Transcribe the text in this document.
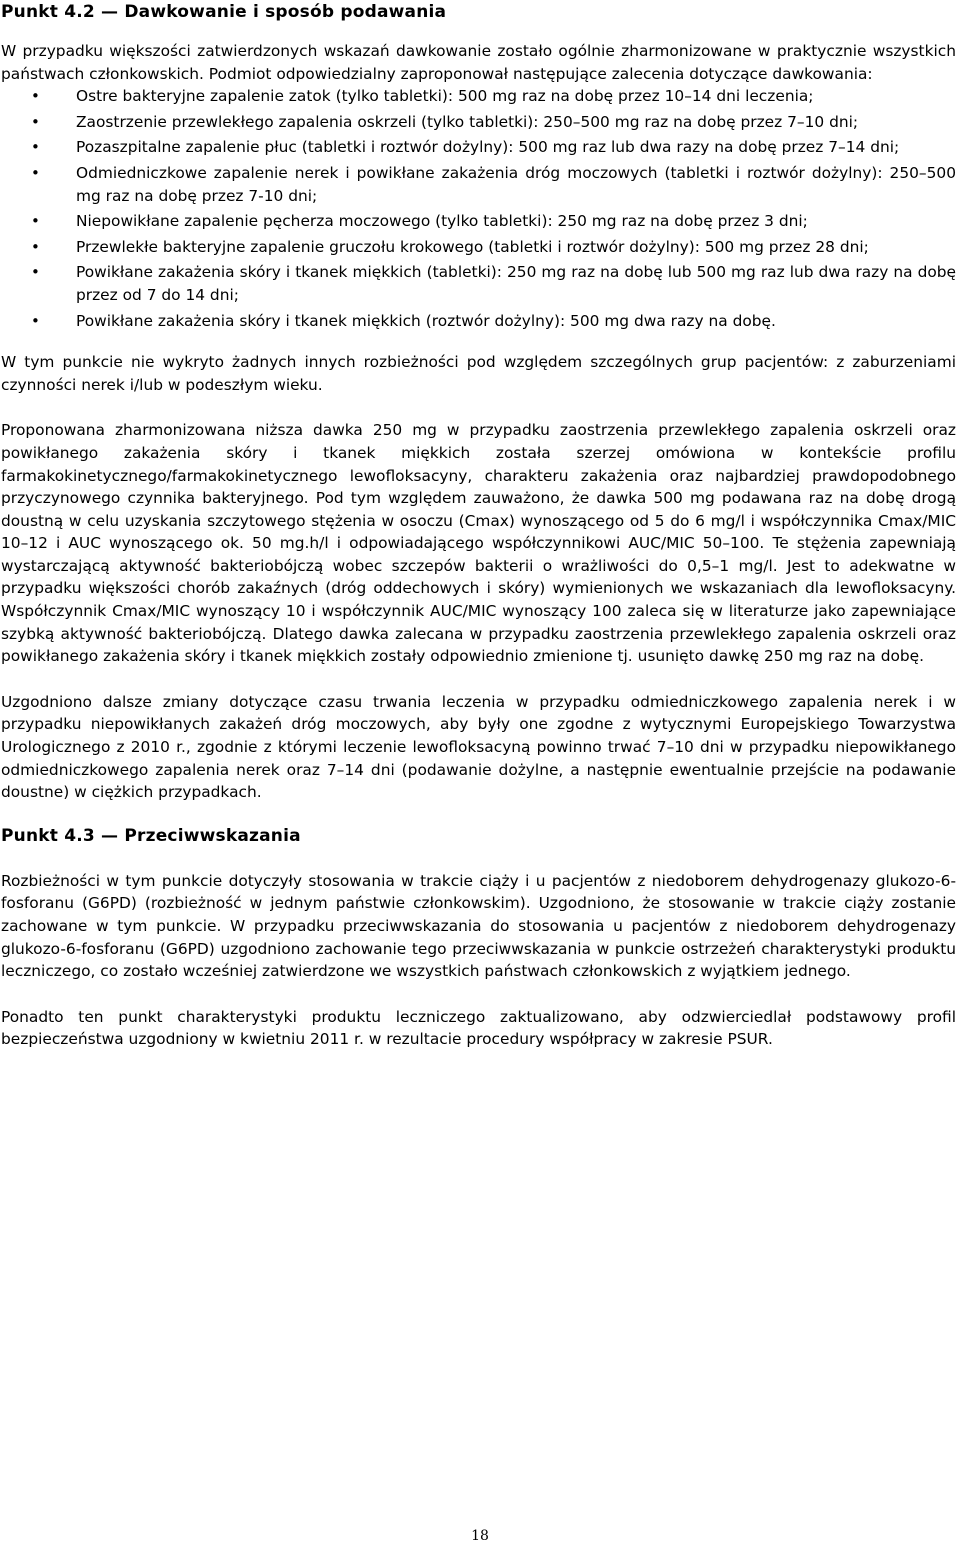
Punkt 4.2 — Dawkowanie i sposób podawania

W przypadku większości zatwierdzonych wskazań dawkowanie zostało ogólnie zharmonizowane w praktycznie wszystkich państwach członkowskich. Podmiot odpowiedzialny zaproponował następujące zalecenia dotyczące dawkowania:

• Ostre bakteryjne zapalenie zatok (tylko tabletki): 500 mg raz na dobę przez 10–14 dni leczenia;
• Zaostrzenie przewlekłego zapalenia oskrzeli (tylko tabletki): 250–500 mg raz na dobę przez 7–10 dni;
• Pozaszpitalne zapalenie płuc (tabletki i roztwór dożylny): 500 mg raz lub dwa razy na dobę przez 7–14 dni;
• Odmiedniczkowe zapalenie nerek i powikłane zakażenia dróg moczowych (tabletki i roztwór dożylny): 250–500 mg raz na dobę przez 7-10 dni;
• Niepowikłane zapalenie pęcherza moczowego (tylko tabletki): 250 mg raz na dobę przez 3 dni;
• Przewlekłe bakteryjne zapalenie gruczołu krokowego (tabletki i roztwór dożylny): 500 mg przez 28 dni;
• Powikłane zakażenia skóry i tkanek miękkich (tabletki): 250 mg raz na dobę lub 500 mg raz lub dwa razy na dobę przez od 7 do 14 dni;
• Powikłane zakażenia skóry i tkanek miękkich (roztwór dożylny): 500 mg dwa razy na dobę.

W tym punkcie nie wykryto żadnych innych rozbieżności pod względem szczególnych grup pacjentów: z zaburzeniami czynności nerek i/lub w podeszłym wieku.

Proponowana zharmonizowana niższa dawka 250 mg w przypadku zaostrzenia przewlekłego zapalenia oskrzeli oraz powikłanego zakażenia skóry i tkanek miękkich została szerzej omówiona w kontekście profilu farmakokinetycznego/farmakokinetycznego lewofloksacyny, charakteru zakażenia oraz najbardziej prawdopodobnego przyczynowego czynnika bakteryjnego. Pod tym względem zauważono, że dawka 500 mg podawana raz na dobę drogą doustną w celu uzyskania szczytowego stężenia w osoczu (Cmax) wynoszącego od 5 do 6 mg/l i współczynnika Cmax/MIC 10–12 i AUC wynoszącego ok. 50 mg.h/l i odpowiadającego współczynnikowi AUC/MIC 50–100. Te stężenia zapewniają wystarczającą aktywność bakteriobójczą wobec szczepów bakterii o wrażliwości do 0,5–1 mg/l. Jest to adekwatne w przypadku większości chorób zakaźnych (dróg oddechowych i skóry) wymienionych we wskazaniach dla lewofloksacyny. Współczynnik Cmax/MIC wynoszący 10 i współczynnik AUC/MIC wynoszący 100 zaleca się w literaturze jako zapewniające szybką aktywność bakteriobójczą. Dlatego dawka zalecana w przypadku zaostrzenia przewlekłego zapalenia oskrzeli oraz powikłanego zakażenia skóry i tkanek miękkich zostały odpowiednio zmienione tj. usunięto dawkę 250 mg raz na dobę.

Uzgodniono dalsze zmiany dotyczące czasu trwania leczenia w przypadku odmiedniczkowego zapalenia nerek i w przypadku niepowikłanych zakażeń dróg moczowych, aby były one zgodne z wytycznymi Europejskiego Towarzystwa Urologicznego z 2010 r., zgodnie z którymi leczenie lewofloksacyną powinno trwać 7–10 dni w przypadku niepowikłanego odmiedniczkowego zapalenia nerek oraz 7–14 dni (podawanie dożylne, a następnie ewentualnie przejście na podawanie doustne) w ciężkich przypadkach.

Punkt 4.3 — Przeciwwskazania

Rozbieżności w tym punkcie dotyczyły stosowania w trakcie ciąży i u pacjentów z niedoborem dehydrogenazy glukozo-6-fosforanu (G6PD) (rozbieżność w jednym państwie członkowskim). Uzgodniono, że stosowanie w trakcie ciąży zostanie zachowane w tym punkcie. W przypadku przeciwwskazania do stosowania u pacjentów z niedoborem dehydrogenazy glukozo-6-fosforanu (G6PD) uzgodniono zachowanie tego przeciwwskazania w punkcie ostrzeżeń charakterystyki produktu leczniczego, co zostało wcześniej zatwierdzone we wszystkich państwach członkowskich z wyjątkiem jednego.

Ponadto ten punkt charakterystyki produktu leczniczego zaktualizowano, aby odzwierciedlał podstawowy profil bezpieczeństwa uzgodniony w kwietniu 2011 r. w rezultacie procedury współpracy w zakresie PSUR.

18
